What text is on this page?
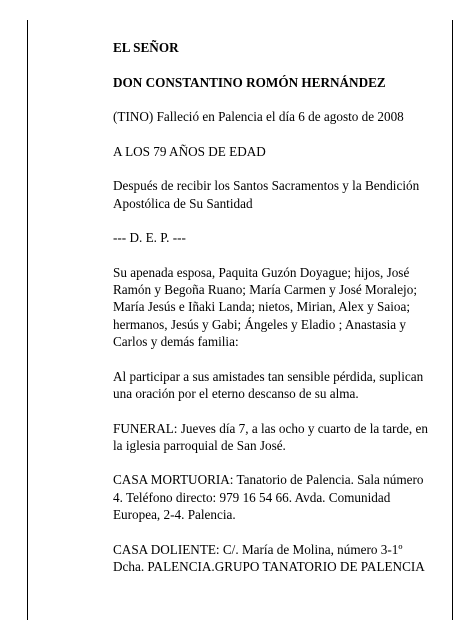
EL SEÑOR

DON CONSTANTINO ROMÓN HERNÁNDEZ

(TINO) Falleció en Palencia el día 6 de agosto de 2008

A LOS 79 AÑOS DE EDAD

Después de recibir los Santos Sacramentos y la Bendición Apostólica de Su Santidad

--- D. E. P. ---

Su apenada esposa, Paquita Guzón Doyague; hijos, José Ramón y Begoña Ruano; María Carmen y José Moralejo; María Jesús e Iñaki Landa; nietos, Mirian, Alex y Saioa; hermanos, Jesús y Gabi; Ángeles y Eladio ; Anastasia y Carlos y demás familia:

Al participar a sus amistades tan sensible pérdida, suplican una oración por el eterno descanso de su alma.

FUNERAL: Jueves día 7, a las ocho y cuarto de la tarde, en la iglesia parroquial de San José.

CASA MORTUORIA: Tanatorio de Palencia. Sala número 4. Teléfono directo: 979 16 54 66. Avda. Comunidad Europea, 2-4. Palencia.

CASA DOLIENTE: C/. María de Molina, número 3-1º Dcha. PALENCIA.GRUPO TANATORIO DE PALENCIA
